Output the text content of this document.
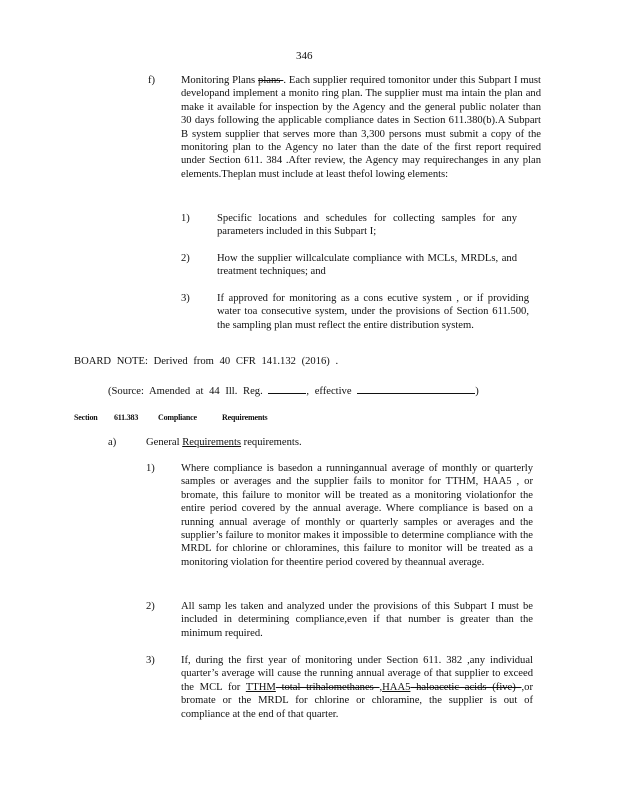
346
f) Monitoring Plans plans . Each supplier required tomonitor under this Subpart I must developand implement a monito ring plan. The supplier must ma intain the plan and make it available for inspection by the Agency and the general public nolater than 30 days following the applicable compliance dates in Section 611.380(b).A Subpart B system supplier that serves more than 3,300 persons must submit a copy of the monitoring plan to the Agency no later than the date of the first report required under Section 611. 384 .After review, the Agency may requirechanges in any plan elements.Theplan must include at least thefol lowing elements:
1)	Specific locations and schedules for collecting samples for any parameters included in this Subpart I;
2)	How the supplier willcalculate compliance with MCLs, MRDLs, and treatment techniques; and
3)	If approved for monitoring as a cons ecutive system , or if providing water toa consecutive system, under the provisions of Section 611.500, the sampling plan must reflect the entire distribution system.
BOARD NOTE: Derived from 40 CFR 141.132 (2016) .
(Source: Amended at 44 Ill. Reg.	, effective	)
Section 611.383 Compliance	Requirements
a)	General Requirements requirements.
1) Where compliance is basedon a runningannual average of monthly or quarterly samples or averages and the supplier fails to monitor for TTHM, HAA5 , or bromate, this failure to monitor will be treated as a monitoring violationfor the entire period covered by the annual average. Where compliance is based on a running annual average of monthly or quarterly samples or averages and the supplier’s failure to monitor makes it impossible to determine compliance with the MRDL for chlorine or chloramines, this failure to monitor will be treated as a monitoring violation for theentire period covered by theannual average.
2) All samp les taken and analyzed under the provisions of this Subpart I must be included in determining compliance,even if that number is greater than the minimum required.
3) If, during the first year of monitoring under Section 611. 382 ,any individual quarter’s average will cause the running annual average of that supplier to exceed the MCL for TTHM total trihalomethanes ,HAA5 haloacetic acids (five) ,or bromate or the MRDL for chlorine or chloramine, the supplier is out of compliance at the end of that quarter.
